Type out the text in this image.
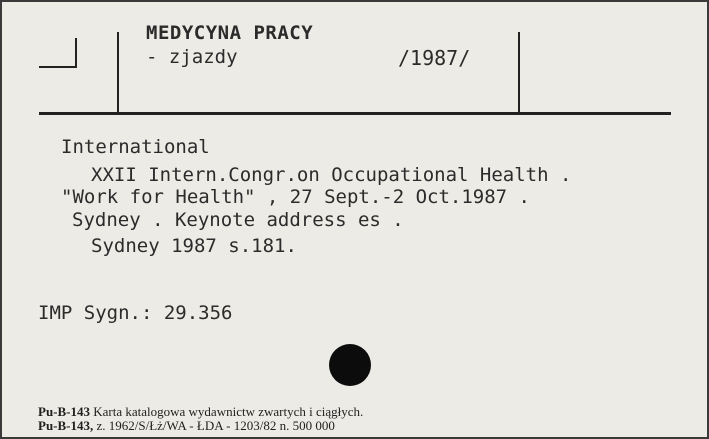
MEDYCYNA PRACY
- zjazdy	/1987/
International
XXII Intern.Congr.on Occupational Health .
"Work for Health" , 27 Sept.-2 Oct.1987 .
Sydney . Keynote address es .
Sydney 1987 s.181.
IMP Sygn.: 29.356
Pu-B-143 Karta katalogowa wydawnictw zwartych i ciągłych.
Pu-B-143, z. 1962/S/Łż/WA - ŁDA - 1203/82 n. 500 000
